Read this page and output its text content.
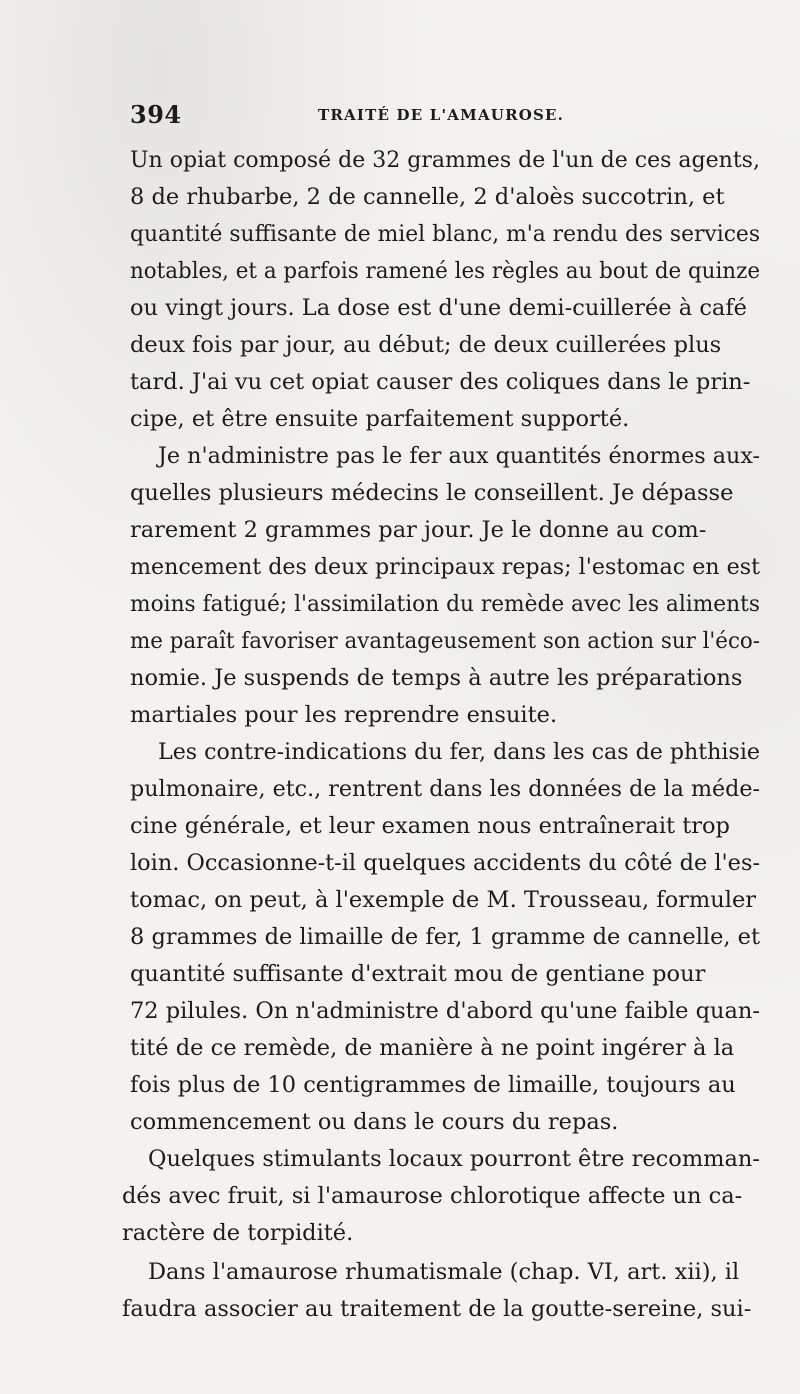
394	TRAITÉ DE L'AMAUROSE.
Un opiat composé de 32 grammes de l'un de ces agents,
8 de rhubarbe, 2 de cannelle, 2 d'aloès succotrin, et
quantité suffisante de miel blanc, m'a rendu des services
notables, et a parfois ramené les règles au bout de quinze
ou vingt jours. La dose est d'une demi-cuillerée à café
deux fois par jour, au début; de deux cuillerées plus
tard. J'ai vu cet opiat causer des coliques dans le prin-
cipe, et être ensuite parfaitement supporté.
Je n'administre pas le fer aux quantités énormes aux-
quelles plusieurs médecins le conseillent. Je dépasse
rarement 2 grammes par jour. Je le donne au com-
mencement des deux principaux repas; l'estomac en est
moins fatigué; l'assimilation du remède avec les aliments
me paraît favoriser avantageusement son action sur l'éco-
nomie. Je suspends de temps à autre les préparations
martiales pour les reprendre ensuite.
Les contre-indications du fer, dans les cas de phthisie
pulmonaire, etc., rentrent dans les données de la méde-
cine générale, et leur examen nous entraînerait trop
loin. Occasionne-t-il quelques accidents du côté de l'es-
tomac, on peut, à l'exemple de M. Trousseau, formuler
8 grammes de limaille de fer, 1 gramme de cannelle, et
quantité suffisante d'extrait mou de gentiane pour
72 pilules. On n'administre d'abord qu'une faible quan-
tité de ce remède, de manière à ne point ingérer à la
fois plus de 10 centigrammes de limaille, toujours au
commencement ou dans le cours du repas.
Quelques stimulants locaux pourront être recomman-
dés avec fruit, si l'amaurose chlorotique affecte un ca-
ractère de torpidité.
Dans l'amaurose rhumatismale (chap. VI, art. xii), il
faudra associer au traitement de la goutte-sereine, sui-
